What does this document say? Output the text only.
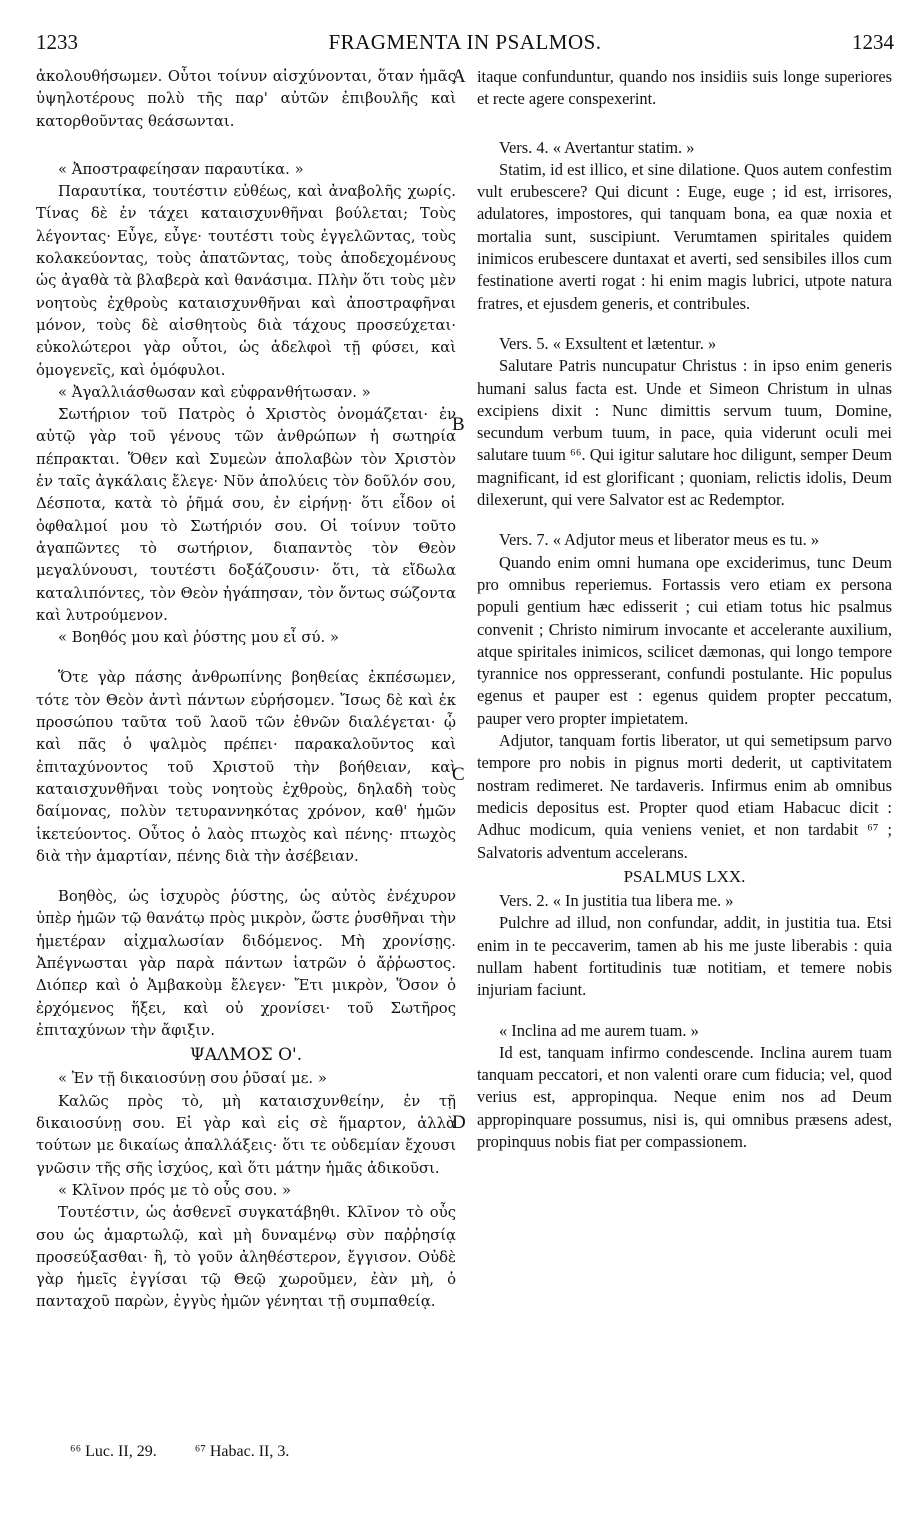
1233	FRAGMENTA IN PSALMOS.	1234

ἀκολουθήσωμεν. Οὗτοι τοίνυν αἰσχύνονται, ὅταν ἡμᾶς ὑψηλοτέρους πολὺ τῆς παρ' αὐτῶν ἐπιβουλῆς καὶ κατορθοῦντας θεάσωνται.

« Ἀποστραφείησαν παραυτίκα. »

Παραυτίκα, τουτέστιν εὐθέως, καὶ ἀναβολῆς χωρίς. Τίνας δὲ ἐν τάχει καταισχυνθῆναι βούλεται; Τοὺς λέγοντας· Εὖγε, εὖγε· τουτέστι τοὺς ἐγγελῶντας, τοὺς κολακεύοντας, τοὺς ἀπατῶντας, τοὺς ἀποδεχομένους ὡς ἀγαθὰ τὰ βλαβερὰ καὶ θανάσιμα. Πλὴν ὅτι τοὺς μὲν νοητοὺς ἐχθροὺς καταισχυνθῆναι καὶ ἀποστραφῆναι μόνον, τοὺς δὲ αἰσθητοὺς διὰ τάχους προσεύχεται· εὐκολώτεροι γὰρ οὗτοι, ὡς ἀδελφοὶ τῇ φύσει, καὶ ὁμογενεῖς, καὶ ὁμόφυλοι.

« Ἀγαλλιάσθωσαν καὶ εὐφρανθήτωσαν. »

Σωτήριον τοῦ Πατρὸς ὁ Χριστὸς ὀνομάζεται· ἐν αὐτῷ γὰρ τοῦ γένους τῶν ἀνθρώπων ἡ σωτηρία πέπρακται. Ὅθεν καὶ Συμεὼν ἀπολαβὼν τὸν Χριστὸν ἐν ταῖς ἀγκάλαις ἔλεγε· Νῦν ἀπολύεις τὸν δοῦλόν σου, Δέσποτα, κατὰ τὸ ῥῆμά σου, ἐν εἰρήνῃ· ὅτι εἶδον οἱ ὀφθαλμοί μου τὸ Σωτήριόν σου. Οἱ τοίνυν τοῦτο ἀγαπῶντες τὸ σωτήριον, διαπαντὸς τὸν Θεὸν μεγαλύνουσι, τουτέστι δοξάζουσιν· ὅτι, τὰ εἴδωλα καταλιπόντες, τὸν Θεὸν ἠγάπησαν, τὸν ὄντως σώζοντα καὶ λυτρούμενον.

« Βοηθός μου καὶ ῥύστης μου εἶ σύ. »

Ὅτε γὰρ πάσης ἀνθρωπίνης βοηθείας ἐκπέσωμεν, τότε τὸν Θεὸν ἀντὶ πάντων εὑρήσομεν. Ἴσως δὲ καὶ ἐκ προσώπου ταῦτα τοῦ λαοῦ τῶν ἐθνῶν διαλέγεται· ᾧ καὶ πᾶς ὁ ψαλμὸς πρέπει· παρακαλοῦντος καὶ ἐπιταχύνοντος τοῦ Χριστοῦ τὴν βοήθειαν, καὶ καταισχυνθῆναι τοὺς νοητοὺς ἐχθροὺς, δηλαδὴ τοὺς δαίμονας, πολὺν τετυραννηκότας χρόνον, καθ' ἡμῶν ἱκετεύοντος. Οὗτος ὁ λαὸς πτωχὸς καὶ πένης· πτωχὸς διὰ τὴν ἁμαρτίαν, πένης διὰ τὴν ἀσέβειαν.

Βοηθὸς, ὡς ἰσχυρὸς ῥύστης, ὡς αὐτὸς ἐνέχυρον ὑπὲρ ἡμῶν τῷ θανάτῳ πρὸς μικρὸν, ὥστε ῥυσθῆναι τὴν ἡμετέραν αἰχμαλωσίαν διδόμενος. Μὴ χρονίσῃς. Ἀπέγνωσται γὰρ παρὰ πάντων ἰατρῶν ὁ ἄῤῥωστος. Διόπερ καὶ ὁ Ἀμβακοὺμ ἔλεγεν· Ἔτι μικρὸν, Ὅσον ὁ ἐρχόμενος ἥξει, καὶ οὐ χρονίσει· τοῦ Σωτῆρος ἐπιταχύνων τὴν ἄφιξιν.

ΨΑΛΜΟΣ Ο'.

« Ἐν τῇ δικαιοσύνῃ σου ῥῦσαί με. »

Καλῶς πρὸς τὸ, μὴ καταισχυνθείην, ἐν τῇ δικαιοσύνῃ σου. Εἰ γὰρ καὶ εἰς σὲ ἥμαρτον, ἀλλὰ τούτων με δικαίως ἀπαλλάξεις· ὅτι τε οὐδεμίαν ἔχουσι γνῶσιν τῆς σῆς ἰσχύος, καὶ ὅτι μάτην ἡμᾶς ἀδικοῦσι.

« Κλῖνον πρός με τὸ οὖς σου. »

Τουτέστιν, ὡς ἀσθενεῖ συγκατάβηθι. Κλῖνον τὸ οὖς σου ὡς ἁμαρτωλῷ, καὶ μὴ δυναμένῳ σὺν παῤῥησίᾳ προσεύξασθαι· ἢ, τὸ γοῦν ἀληθέστερον, ἔγγισον. Οὐδὲ γὰρ ἡμεῖς ἐγγίσαι τῷ Θεῷ χωροῦμεν, ἐὰν μὴ, ὁ πανταχοῦ παρὼν, ἐγγὺς ἡμῶν γένηται τῇ συμπαθείᾳ.

A
B
C
D

itaque confunduntur, quando nos insidiis suis longe superiores et recte agere conspexerint.

Vers. 4. « Avertantur statim. »

Statim, id est illico, et sine dilatione. Quos autem confestim vult erubescere? Qui dicunt : Euge, euge ; id est, irrisores, adulatores, impostores, qui tanquam bona, ea quæ noxia et mortalia sunt, suscipiunt. Verumtamen spiritales quidem inimicos erubescere duntaxat et averti, sed sensibiles illos cum festinatione averti rogat : hi enim magis lubrici, utpote natura fratres, et ejusdem generis, et contribules.

Vers. 5. « Exsultent et lætentur. »

Salutare Patris nuncupatur Christus : in ipso enim generis humani salus facta est. Unde et Simeon Christum in ulnas excipiens dixit : Nunc dimittis servum tuum, Domine, secundum verbum tuum, in pace, quia viderunt oculi mei salutare tuum ⁶⁶. Qui igitur salutare hoc diligunt, semper Deum magnificant, id est glorificant ; quoniam, relictis idolis, Deum dilexerunt, qui vere Salvator est ac Redemptor.

Vers. 7. « Adjutor meus et liberator meus es tu. »

Quando enim omni humana ope exciderimus, tunc Deum pro omnibus reperiemus. Fortassis vero etiam ex persona populi gentium hæc edisserit ; cui etiam totus hic psalmus convenit ; Christo nimirum invocante et accelerante auxilium, atque spiritales inimicos, scilicet dæmonas, qui longo tempore tyrannice nos oppresserant, confundi postulante. Hic populus egenus et pauper est : egenus quidem propter peccatum, pauper vero propter impietatem.

Adjutor, tanquam fortis liberator, ut qui semetipsum parvo tempore pro nobis in pignus morti dederit, ut captivitatem nostram redimeret. Ne tardaveris. Infirmus enim ab omnibus medicis depositus est. Propter quod etiam Habacuc dicit : Adhuc modicum, quia veniens veniet, et non tardabit ⁶⁷ ; Salvatoris adventum accelerans.

PSALMUS LXX.

Vers. 2. « In justitia tua libera me. »

Pulchre ad illud, non confundar, addit, in justitia tua. Etsi enim in te peccaverim, tamen ab his me juste liberabis : quia nullam habent fortitudinis tuæ notitiam, et temere nobis injuriam faciunt.

« Inclina ad me aurem tuam. »

Id est, tanquam infirmo condescende. Inclina aurem tuam tanquam peccatori, et non valenti orare cum fiducia; vel, quod verius est, appropinqua. Neque enim nos ad Deum appropinquare possumus, nisi is, qui omnibus præsens adest, propinquus nobis fiat per compassionem.

⁶⁶ Luc. II, 29. ⁶⁷ Habac. II, 3.
